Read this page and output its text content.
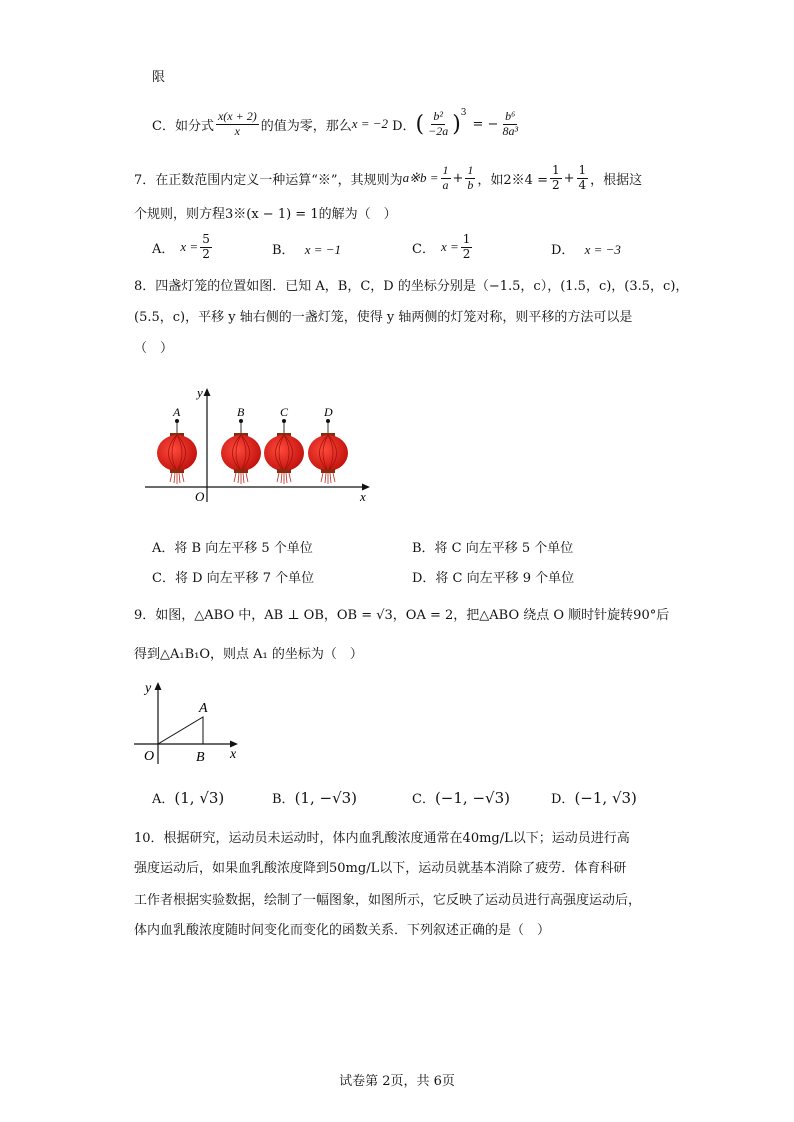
限
C． 如分式 $\frac{x(x + 2)}{x}$ 的值为零，那么 x = −2 D． ( $\frac{\text{b²}}{-2a}$ ) 3
= − $\frac{\text{b⁶}}{\text{8a³}}$
7．在正数范围内定义一种运算“※”，其规则为 a※b = $\frac{1}{a} + \frac{1}{b}$ ，如2※4 = $\frac{1}{2} + \frac{1}{4}$ ，根据这
个规则，则方程3※(x − 1) = 1的解为（　）
A． $x = \frac{5}{2}$	B． x = −1	C． $x = \frac{1}{2}$	D． x = −3
8．四盏灯笼的位置如图．已知 A，B，C，D 的坐标分别是（−1.5，c），(1.5，c)，(3.5，c)，
(5.5，c)，平移 y 轴右侧的一盏灯笼，使得 y 轴两侧的灯笼对称，则平移的方法可以是
（　）
y
x
O
A	B	C	D
A．将 B 向左平移 5 个单位	B．将 C 向左平移 5 个单位
C．将 D 向左平移 7 个单位	D．将 C 向左平移 9 个单位
9．如图，△ABO 中，AB ⊥ OB，OB = √3，OA = 2，把△ABO 绕点 O 顺时针旋转90°后
得到△A₁B₁O，则点 A₁ 的坐标为（　）
y
x
O
A
B
A．(1, √3)	B．(1, −√3)	C．(−1, −√3)	D．(−1, √3)
10．根据研究，运动员未运动时，体内血乳酸浓度通常在40mg/L以下；运动员进行高
强度运动后，如果血乳酸浓度降到50mg/L以下，运动员就基本消除了疲劳．体育科研
工作者根据实验数据，绘制了一幅图象，如图所示，它反映了运动员进行高强度运动后，
体内血乳酸浓度随时间变化而变化的函数关系．下列叙述正确的是（　）
试卷第 2页，共 6页
